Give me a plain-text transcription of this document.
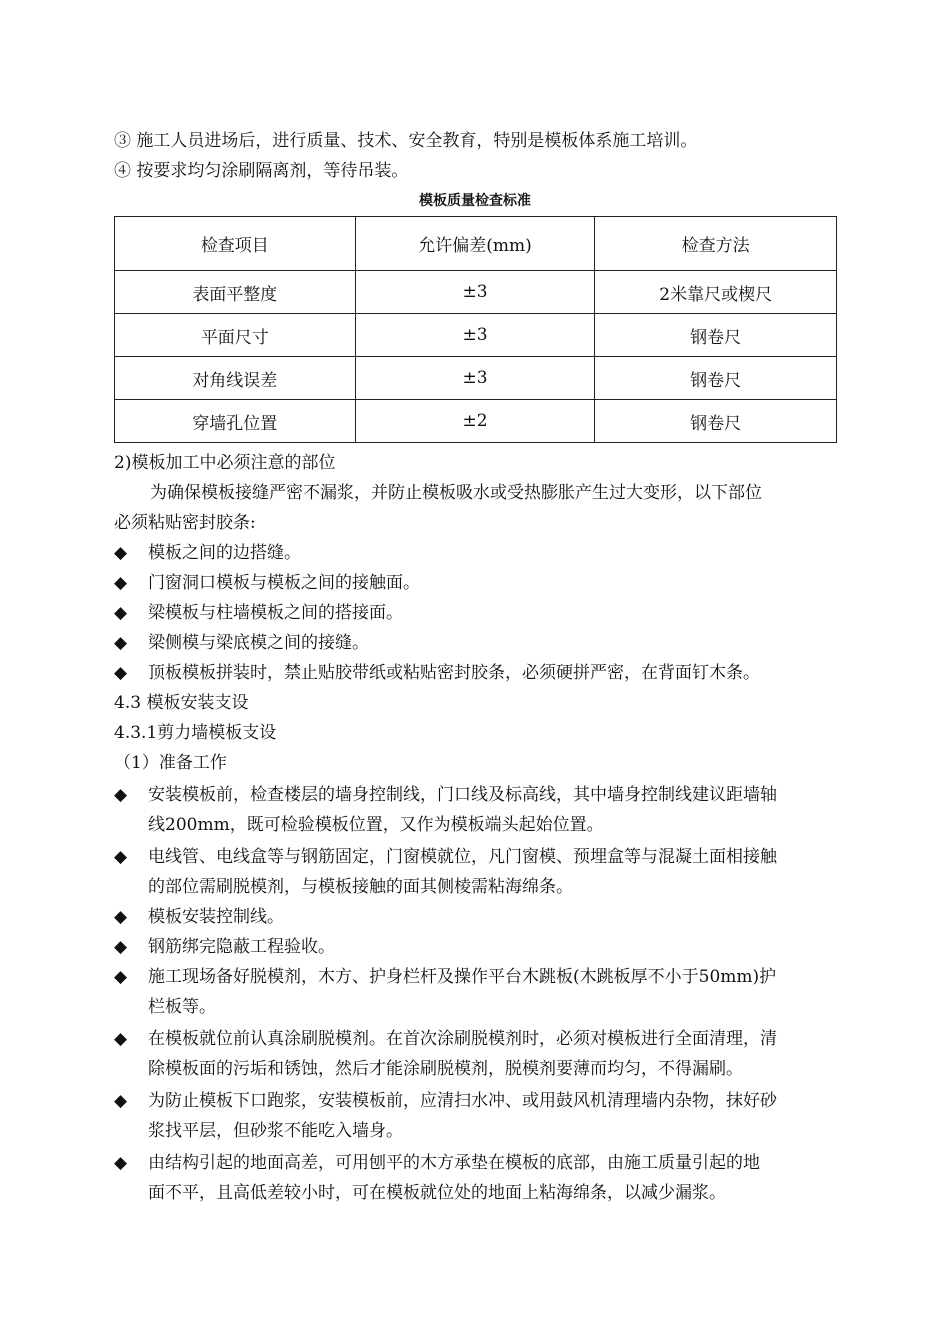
③ 施工人员进场后，进行质量、技术、安全教育，特别是模板体系施工培训。
④ 按要求均匀涂刷隔离剂，等待吊装。
模板质量检查标准
检查项目	允许偏差(mm)	检查方法
表面平整度	±3	2米靠尺或楔尺
平面尺寸	±3	钢卷尺
对角线误差	±3	钢卷尺
穿墙孔位置	±2	钢卷尺
2)模板加工中必须注意的部位
为确保模板接缝严密不漏浆，并防止模板吸水或受热膨胀产生过大变形，以下部位
必须粘贴密封胶条:
◆ 模板之间的边搭缝。
◆ 门窗洞口模板与模板之间的接触面。
◆ 梁模板与柱墙模板之间的搭接面。
◆ 梁侧模与梁底模之间的接缝。
◆ 顶板模板拼装时，禁止贴胶带纸或粘贴密封胶条，必须硬拼严密，在背面钉木条。
4.3 模板安装支设
4.3.1剪力墙模板支设
（1）准备工作
◆ 安装模板前，检查楼层的墙身控制线，门口线及标高线，其中墙身控制线建议距墙轴
线200mm，既可检验模板位置，又作为模板端头起始位置。
◆ 电线管、电线盒等与钢筋固定，门窗模就位，凡门窗模、预埋盒等与混凝土面相接触
的部位需刷脱模剂，与模板接触的面其侧棱需粘海绵条。
◆ 模板安装控制线。
◆ 钢筋绑完隐蔽工程验收。
◆ 施工现场备好脱模剂，木方、护身栏杆及操作平台木跳板(木跳板厚不小于50mm)护
栏板等。
◆ 在模板就位前认真涂刷脱模剂。在首次涂刷脱模剂时，必须对模板进行全面清理，清
除模板面的污垢和锈蚀，然后才能涂刷脱模剂，脱模剂要薄而均匀，不得漏刷。
◆ 为防止模板下口跑浆，安装模板前，应清扫水冲、或用鼓风机清理墙内杂物，抹好砂
浆找平层，但砂浆不能吃入墙身。
◆ 由结构引起的地面高差，可用刨平的木方承垫在模板的底部，由施工质量引起的地
面不平，且高低差较小时，可在模板就位处的地面上粘海绵条，以减少漏浆。
